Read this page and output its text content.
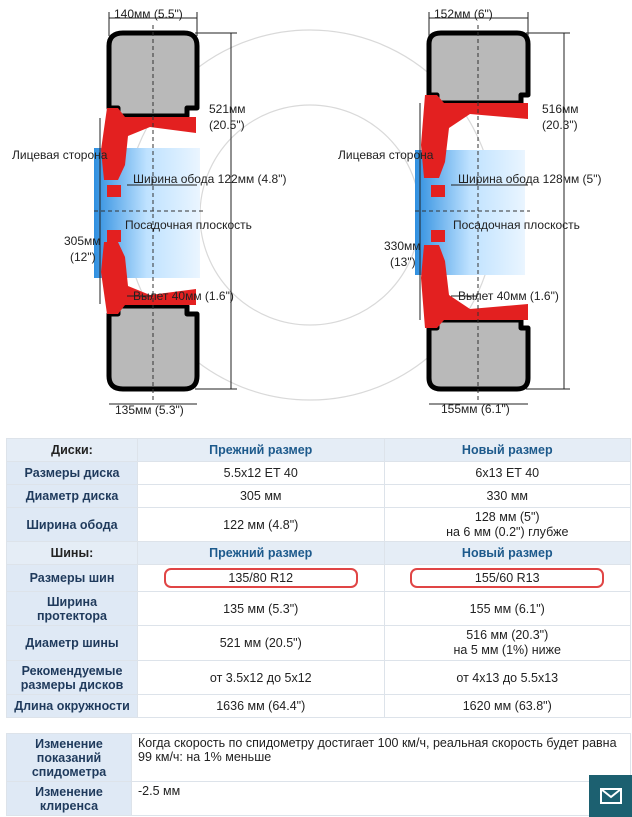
140мм (5.5")
521мм
(20.5")
Лицевая сторона
Ширина обода 122мм (4.8")
Посадочная плоскость
305мм
(12")
Вылет 40мм (1.6")
135мм (5.3")
152мм (6")
516мм
(20.3")
Лицевая сторона
Ширина обода 128мм (5")
Посадочная плоскость
330мм
(13")
Вылет 40мм (1.6")
155мм (6.1")
Диски:	Прежний размер	Новый размер
Размеры диска	5.5x12 ET 40	6x13 ET 40
Диаметр диска	305 мм	330 мм
Ширина обода	122 мм (4.8")	128 мм (5")
на 6 мм (0.2") глубже

Шины:	Прежний размер	Новый размер
Размеры шин	135/80 R12	155/60 R13
Ширина протектора	135 мм (5.3")	155 мм (6.1")
Диаметр шины	521 мм (20.5")	516 мм (20.3")
на 5 мм (1%) ниже

Рекомендуемые размеры дисков	от 3.5x12 до 5x12	от 4x13 до 5.5x13
Длина окружности	1636 мм (64.4")	1620 мм (63.8")
Изменение показаний спидометра	Когда скорость по спидометру достигает 100 км/ч, реальная скорость будет равна 99 км/ч: на 1% меньше
Изменение клиренса	-2.5 мм
